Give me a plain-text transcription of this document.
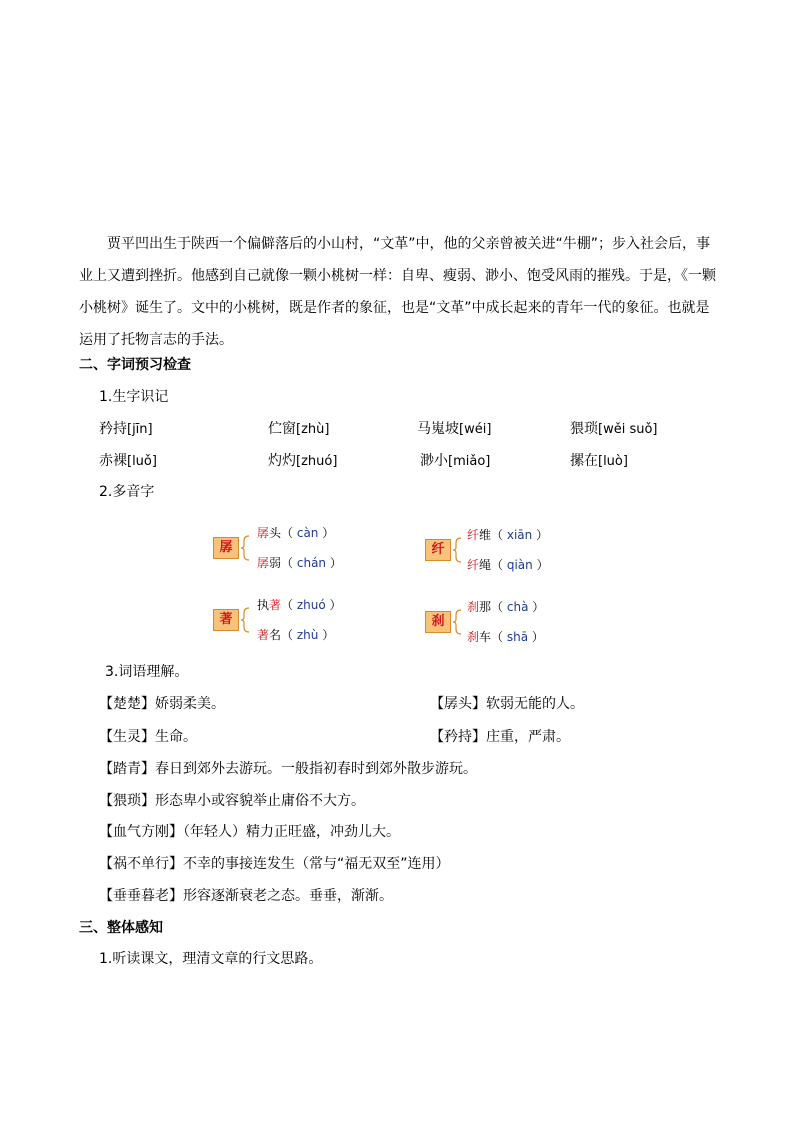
贾平凹出生于陕西一个偏僻落后的小山村，“文革”中，他的父亲曾被关进“牛棚”；步入社会后，事业上又遭到挫折。他感到自己就像一颗小桃树一样：自卑、瘦弱、渺小、饱受风雨的摧残。于是，《一颗小桃树》诞生了。文中的小桃树，既是作者的象征，也是“文革”中成长起来的青年一代的象征。也就是运用了托物言志的手法。

二、字词预习检查
1.生字识记
矜持[jīn]	伫窗[zhù]	马嵬坡[wéi]	猥琐[wěi suǒ]
赤裸[luǒ]	灼灼[zhuó]	渺小[miǎo]	摞在[luò]
2.多音字
孱
孱头（ càn ）
孱弱（ chán ）
纤
纤维（ xiān ）
纤绳（ qiàn ）
著
执著（ zhuó ）
著名（ zhù ）
刹
刹那（ chà ）
刹车（ shā ）
3.词语理解。
【楚楚】娇弱柔美。	【孱头】软弱无能的人。
【生灵】生命。	【矜持】庄重，严肃。
【踏青】春日到郊外去游玩。一般指初春时到郊外散步游玩。
【猥琐】形态卑小或容貌举止庸俗不大方。
【血气方刚】（年轻人）精力正旺盛，冲劲儿大。
【祸不单行】不幸的事接连发生（常与“福无双至”连用）
【垂垂暮老】形容逐渐衰老之态。垂垂，渐渐。
三、整体感知
1.听读课文，理清文章的行文思路。
